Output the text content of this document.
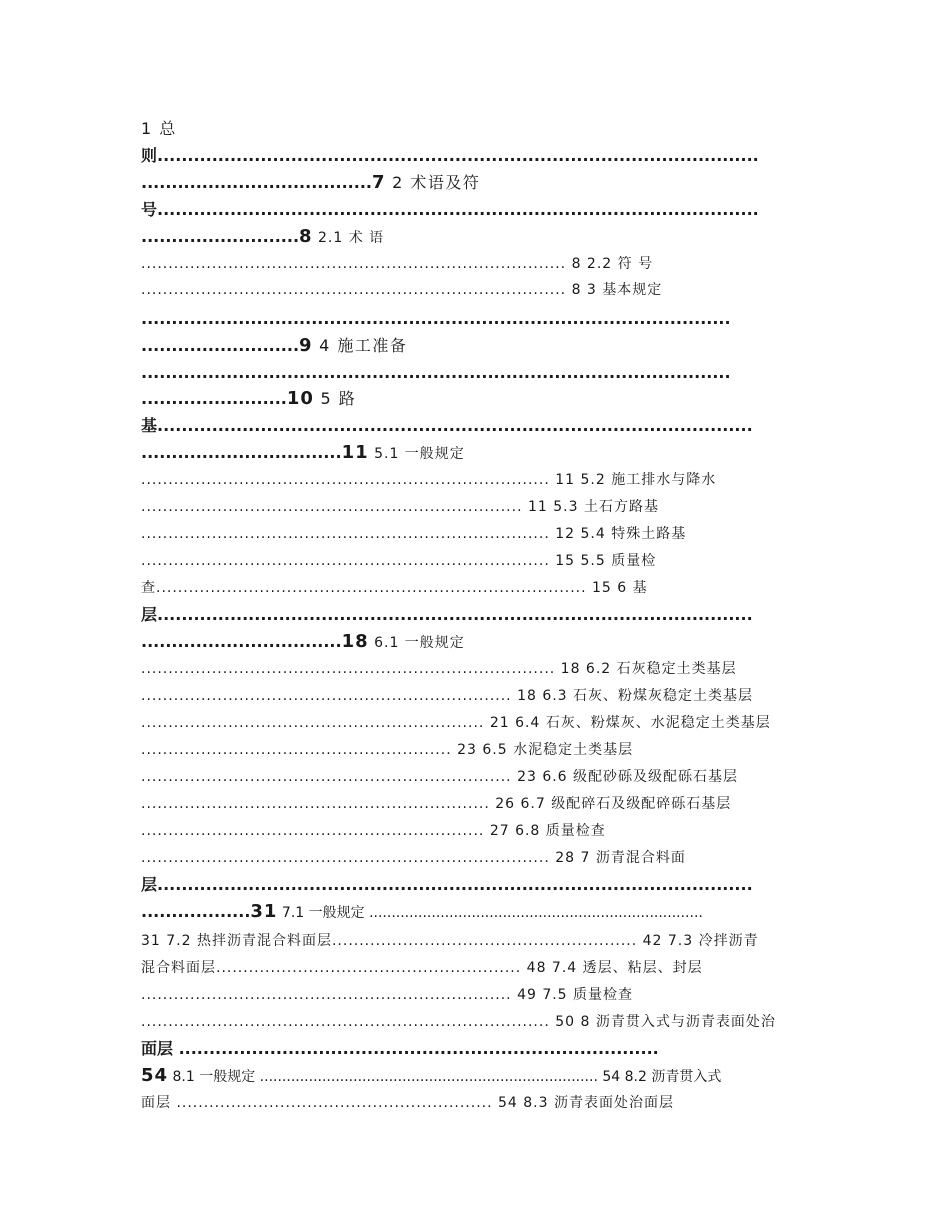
1 总
则...................................................................................................
......................................7 2 术语及符
号...................................................................................................
..........................8 2.1 术 语
.............................................................................. 8 2.2 符 号
.............................................................................. 8 3 基本规定
.................................................................................................
..........................9 4 施工准备
.................................................................................................
........................10 5 路
基..................................................................................................
.................................11 5.1 一般规定
........................................................................... 11 5.2 施工排水与降水
...................................................................... 11 5.3 土石方路基
........................................................................... 12 5.4 特殊土路基
........................................................................... 15 5.5 质量检
查............................................................................... 15 6 基
层..................................................................................................
.................................18 6.1 一般规定
............................................................................ 18 6.2 石灰稳定土类基层
.................................................................... 18 6.3 石灰、粉煤灰稳定土类基层
............................................................... 21 6.4 石灰、粉煤灰、水泥稳定土类基层
......................................................... 23 6.5 水泥稳定土类基层
.................................................................... 23 6.6 级配砂砾及级配砾石基层
................................................................ 26 6.7 级配碎石及级配碎砾石基层
............................................................... 27 6.8 质量检查
........................................................................... 28 7 沥青混合料面
层..................................................................................................
..................31 7.1 一般规定 ...........................................................................
31 7.2 热拌沥青混合料面层........................................................ 42 7.3 冷拌沥青
混合料面层........................................................ 48 7.4 透层、粘层、封层
.................................................................... 49 7.5 质量检查
........................................................................... 50 8 沥青贯入式与沥青表面处治
面层 ...............................................................................
54 8.1 一般规定 ............................................................................ 54 8.2 沥青贯入式
面层 .......................................................... 54 8.3 沥青表面处治面层
